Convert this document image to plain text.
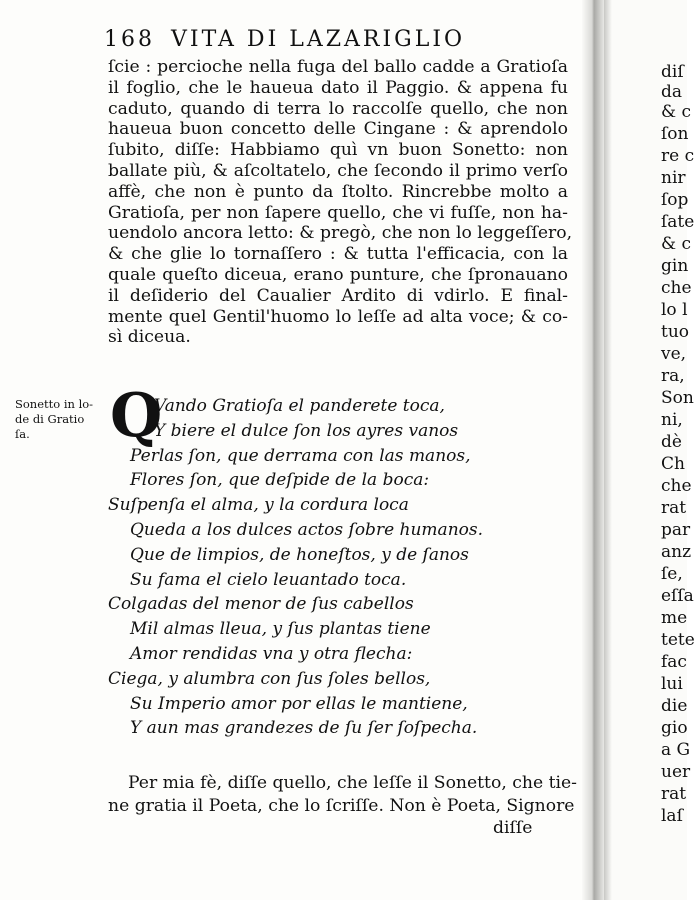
168 VITA DI LAZARIGLIO
ſcie : percioche nella fuga del ballo cadde a Gratioſa
il foglio, che le haueua dato il Paggio. & appena fu
caduto, quando di terra lo raccolſe quello, che non
haueua buon concetto delle Cingane : & aprendolo
ſubito, diſſe: Habbiamo quì vn buon Sonetto: non
ballate più, & aſcoltatelo, che ſecondo il primo verſo
affè, che non è punto da ſtolto. Rincrebbe molto a
Gratioſa, per non ſapere quello, che vi fuſſe, non ha-
uendolo ancora letto: & pregò, che non lo leggeſſero,
& che glie lo tornaſſero : & tutta l'efficacia, con la
quale queſto diceua, erano punture, che ſpronauano
il deſiderio del Caualier Ardito di vdirlo. E final-
mente quel Gentil'huomo lo leſſe ad alta voce; & co-
sì diceua.
Sonetto in lo-
de di Gratio
ſa.	Q
Vando Gratioſa el panderete toca,
Y biere el dulce ſon los ayres vanos
Perlas ſon, que derrama con las manos,
Flores ſon, que deſpide de la boca:
Suſpenſa el alma, y la cordura loca
Queda a los dulces actos ſobre humanos.
Que de limpios, de honeſtos, y de ſanos
Su fama el cielo leuantado toca.
Colgadas del menor de ſus cabellos
Mil almas lleua, y ſus plantas tiene
Amor rendidas vna y otra flecha:
Ciega, y alumbra con ſus ſoles bellos,
Su Imperio amor por ellas le mantiene,
Y aun mas grandezes de ſu ſer ſoſpecha.
Per mia fè, diſſe quello, che leſſe il Sonetto, che tie-
ne gratia il Poeta, che lo ſcriſſe. Non è Poeta, Signore
diſſe
diſ
da
& c
ſon
re c
nir
ſop
ſate
& c
gin
che
lo l
tuo
ve,
ra,
Son
ni,
dè
Ch
che
rat
par
anz
ſe,
eſſa
me
tete
fac
lui
die
gio
a G
uer
rat
laſ
